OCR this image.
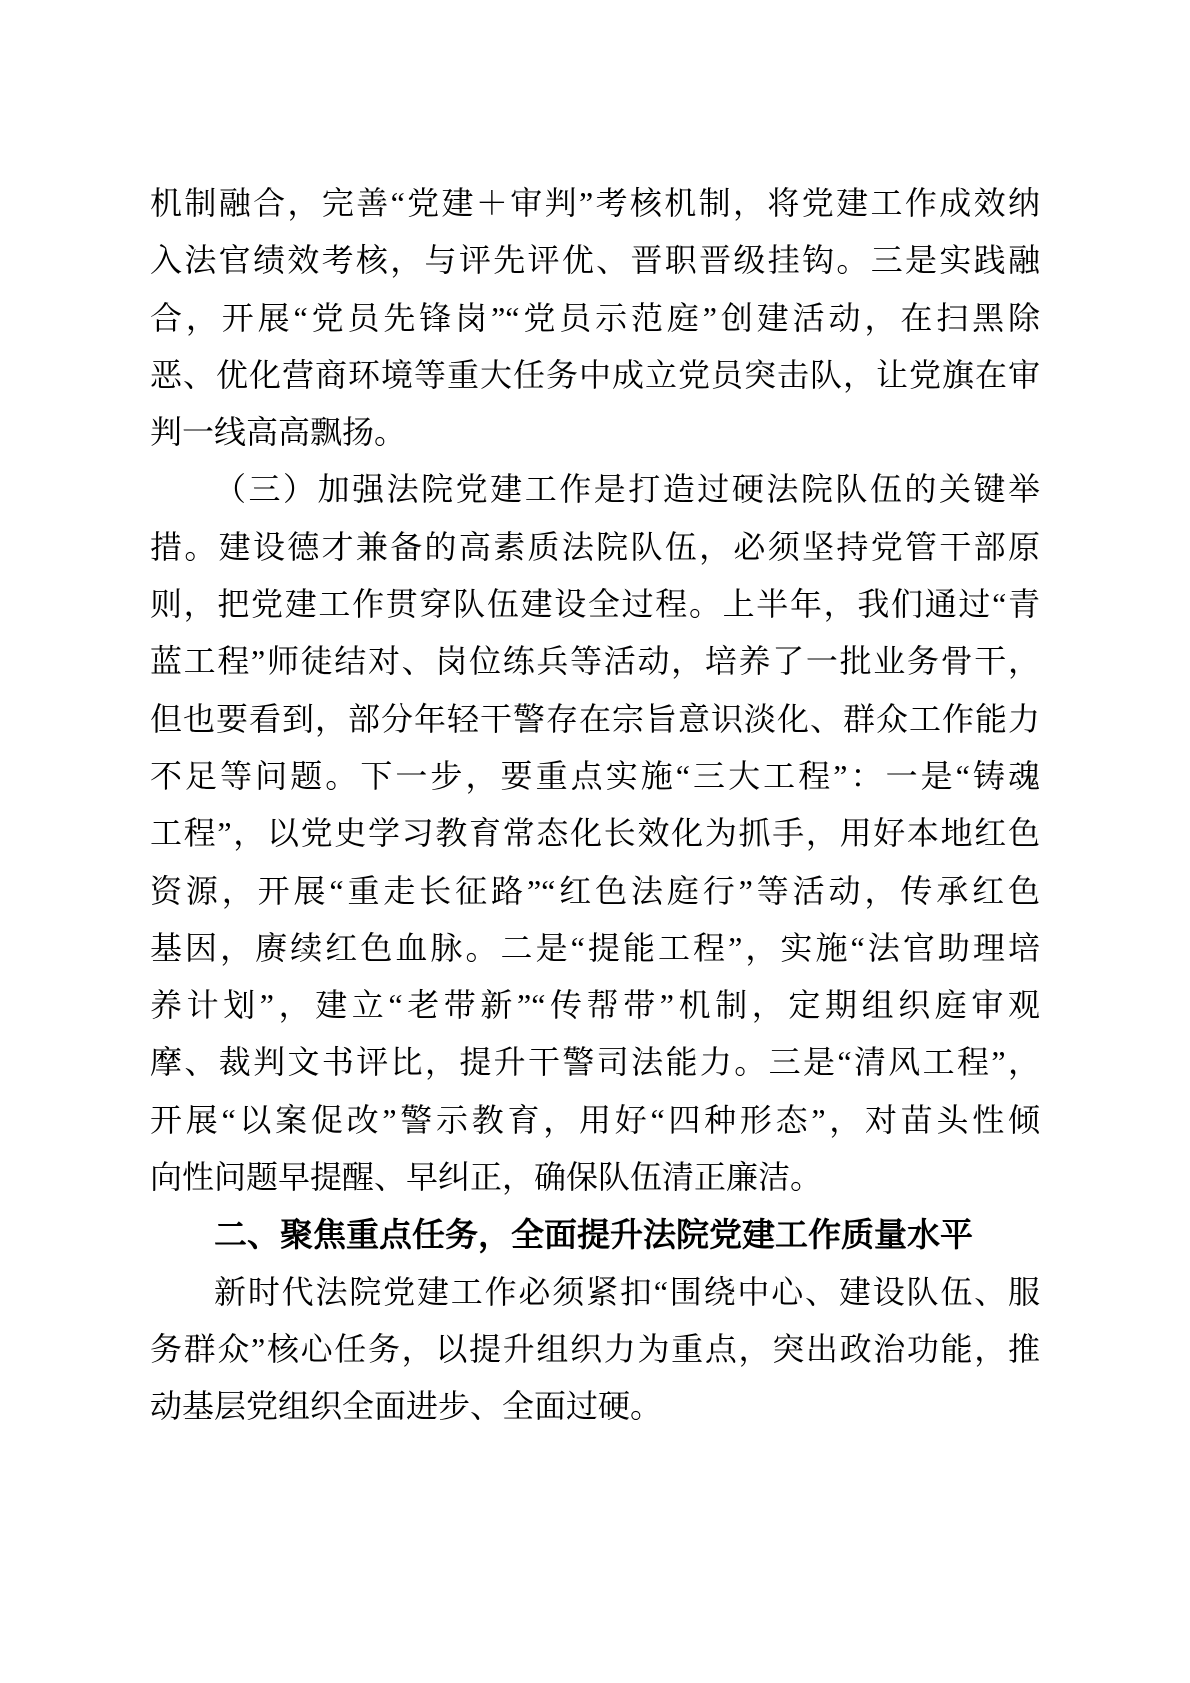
机制融合，完善“党建＋审判”考核机制，将党建工作成效纳
入法官绩效考核，与评先评优、晋职晋级挂钩。三是实践融
合，开展“党员先锋岗”“党员示范庭”创建活动，在扫黑除
恶、优化营商环境等重大任务中成立党员突击队，让党旗在审
判一线高高飘扬。
（三）加强法院党建工作是打造过硬法院队伍的关键举
措。建设德才兼备的高素质法院队伍，必须坚持党管干部原
则，把党建工作贯穿队伍建设全过程。上半年，我们通过“青
蓝工程”师徒结对、岗位练兵等活动，培养了一批业务骨干，
但也要看到，部分年轻干警存在宗旨意识淡化、群众工作能力
不足等问题。下一步，要重点实施“三大工程”：一是“铸魂
工程”，以党史学习教育常态化长效化为抓手，用好本地红色
资源，开展“重走长征路”“红色法庭行”等活动，传承红色
基因，赓续红色血脉。二是“提能工程”，实施“法官助理培
养计划”，建立“老带新”“传帮带”机制，定期组织庭审观
摩、裁判文书评比，提升干警司法能力。三是“清风工程”，
开展“以案促改”警示教育，用好“四种形态”，对苗头性倾
向性问题早提醒、早纠正，确保队伍清正廉洁。
二、聚焦重点任务，全面提升法院党建工作质量水平
新时代法院党建工作必须紧扣“围绕中心、建设队伍、服
务群众”核心任务，以提升组织力为重点，突出政治功能，推
动基层党组织全面进步、全面过硬。
